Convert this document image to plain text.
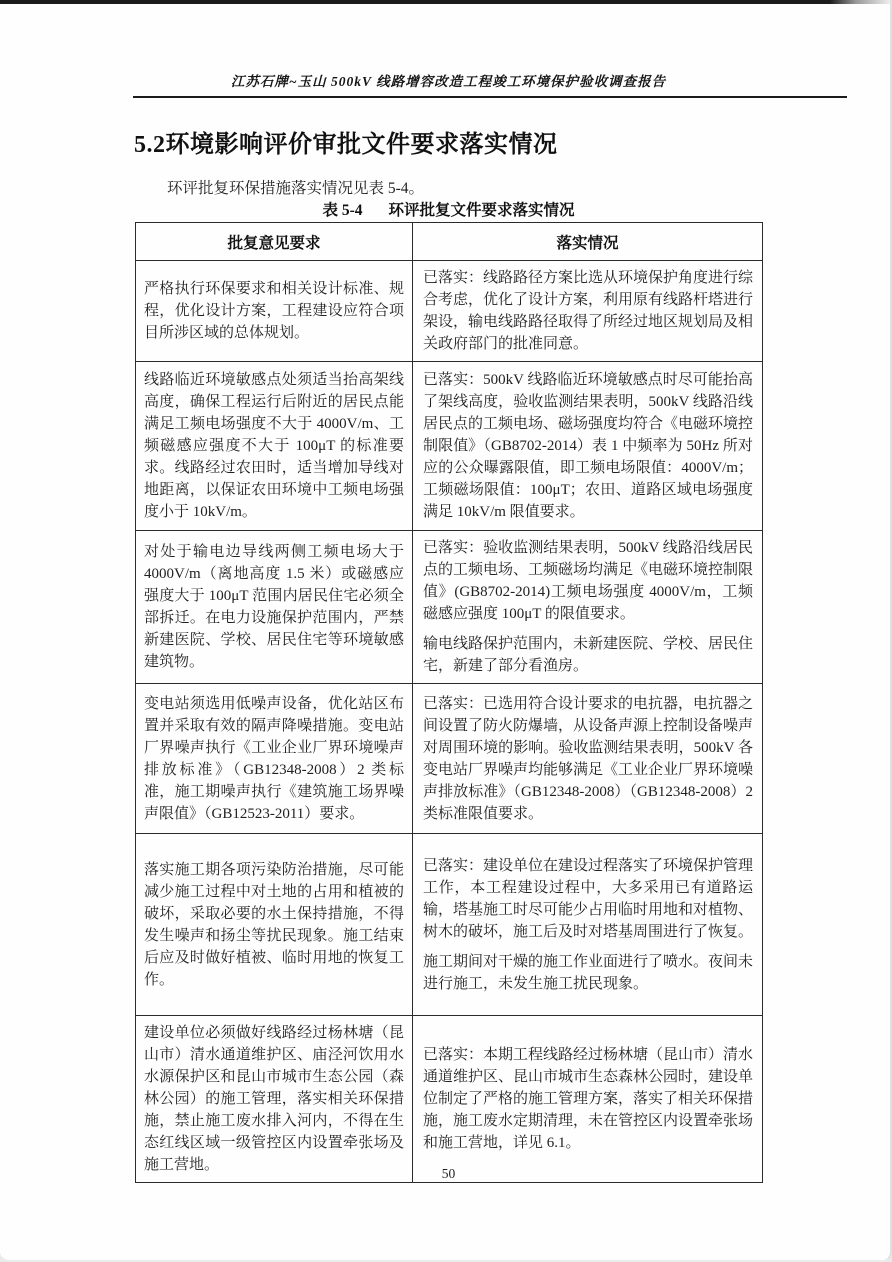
江苏石牌~玉山 500kV 线路增容改造工程竣工环境保护验收调查报告
5.2环境影响评价审批文件要求落实情况

环评批复环保措施落实情况见表 5-4。

表 5-4 环评批复文件要求落实情况
批复意见要求	落实情况

严格执行环保要求和相关设计标准、规程，优化设计方案，工程建设应符合项目所涉区域的总体规划。	已落实：线路路径方案比选从环境保护角度进行综合考虑，优化了设计方案，利用原有线路杆塔进行架设，输电线路路径取得了所经过地区规划局及相关政府部门的批准同意。

线路临近环境敏感点处须适当抬高架线高度，确保工程运行后附近的居民点能满足工频电场强度不大于 4000V/m、工频磁感应强度不大于 100μT 的标准要求。线路经过农田时，适当增加导线对地距离，以保证农田环境中工频电场强度小于 10kV/m。	已落实：500kV 线路临近环境敏感点时尽可能抬高了架线高度，验收监测结果表明，500kV 线路沿线居民点的工频电场、磁场强度均符合《电磁环境控制限值》（GB8702-2014）表 1 中频率为 50Hz 所对应的公众曝露限值，即工频电场限值：4000V/m；工频磁场限值：100μT；农田、道路区域电场强度满足 10kV/m 限值要求。

对处于输电边导线两侧工频电场大于 4000V/m（离地高度 1.5 米）或磁感应强度大于 100μT 范围内居民住宅必须全部拆迁。在电力设施保护范围内，严禁新建医院、学校、居民住宅等环境敏感建筑物。	已落实：验收监测结果表明，500kV 线路沿线居民点的工频电场、工频磁场均满足《电磁环境控制限值》(GB8702-2014)工频电场强度 4000V/m，工频磁感应强度 100μT 的限值要求。

输电线路保护范围内，未新建医院、学校、居民住宅，新建了部分看渔房。

变电站须选用低噪声设备，优化站区布置并采取有效的隔声降噪措施。变电站厂界噪声执行《工业企业厂界环境噪声排放标准》（GB12348-2008）2 类标准，施工期噪声执行《建筑施工场界噪声限值》（GB12523-2011）要求。	已落实：已选用符合设计要求的电抗器，电抗器之间设置了防火防爆墙，从设备声源上控制设备噪声对周围环境的影响。验收监测结果表明，500kV 各变电站厂界噪声均能够满足《工业企业厂界环境噪声排放标准》（GB12348-2008）（GB12348-2008）2 类标准限值要求。

落实施工期各项污染防治措施，尽可能减少施工过程中对土地的占用和植被的破坏，采取必要的水土保持措施，不得发生噪声和扬尘等扰民现象。施工结束后应及时做好植被、临时用地的恢复工作。	已落实：建设单位在建设过程落实了环境保护管理工作，本工程建设过程中，大多采用已有道路运输，塔基施工时尽可能少占用临时用地和对植物、树木的破坏，施工后及时对塔基周围进行了恢复。

施工期间对干燥的施工作业面进行了喷水。夜间未进行施工，未发生施工扰民现象。

建设单位必须做好线路经过杨林塘（昆山市）清水通道维护区、庙泾河饮用水水源保护区和昆山市城市生态公园（森林公园）的施工管理，落实相关环保措施，禁止施工废水排入河内，不得在生态红线区域一级管控区内设置牵张场及施工营地。	已落实：本期工程线路经过杨林塘（昆山市）清水通道维护区、昆山市城市生态森林公园时，建设单位制定了严格的施工管理方案，落实了相关环保措施，施工废水定期清理，未在管控区内设置牵张场和施工营地，详见 6.1。

50
